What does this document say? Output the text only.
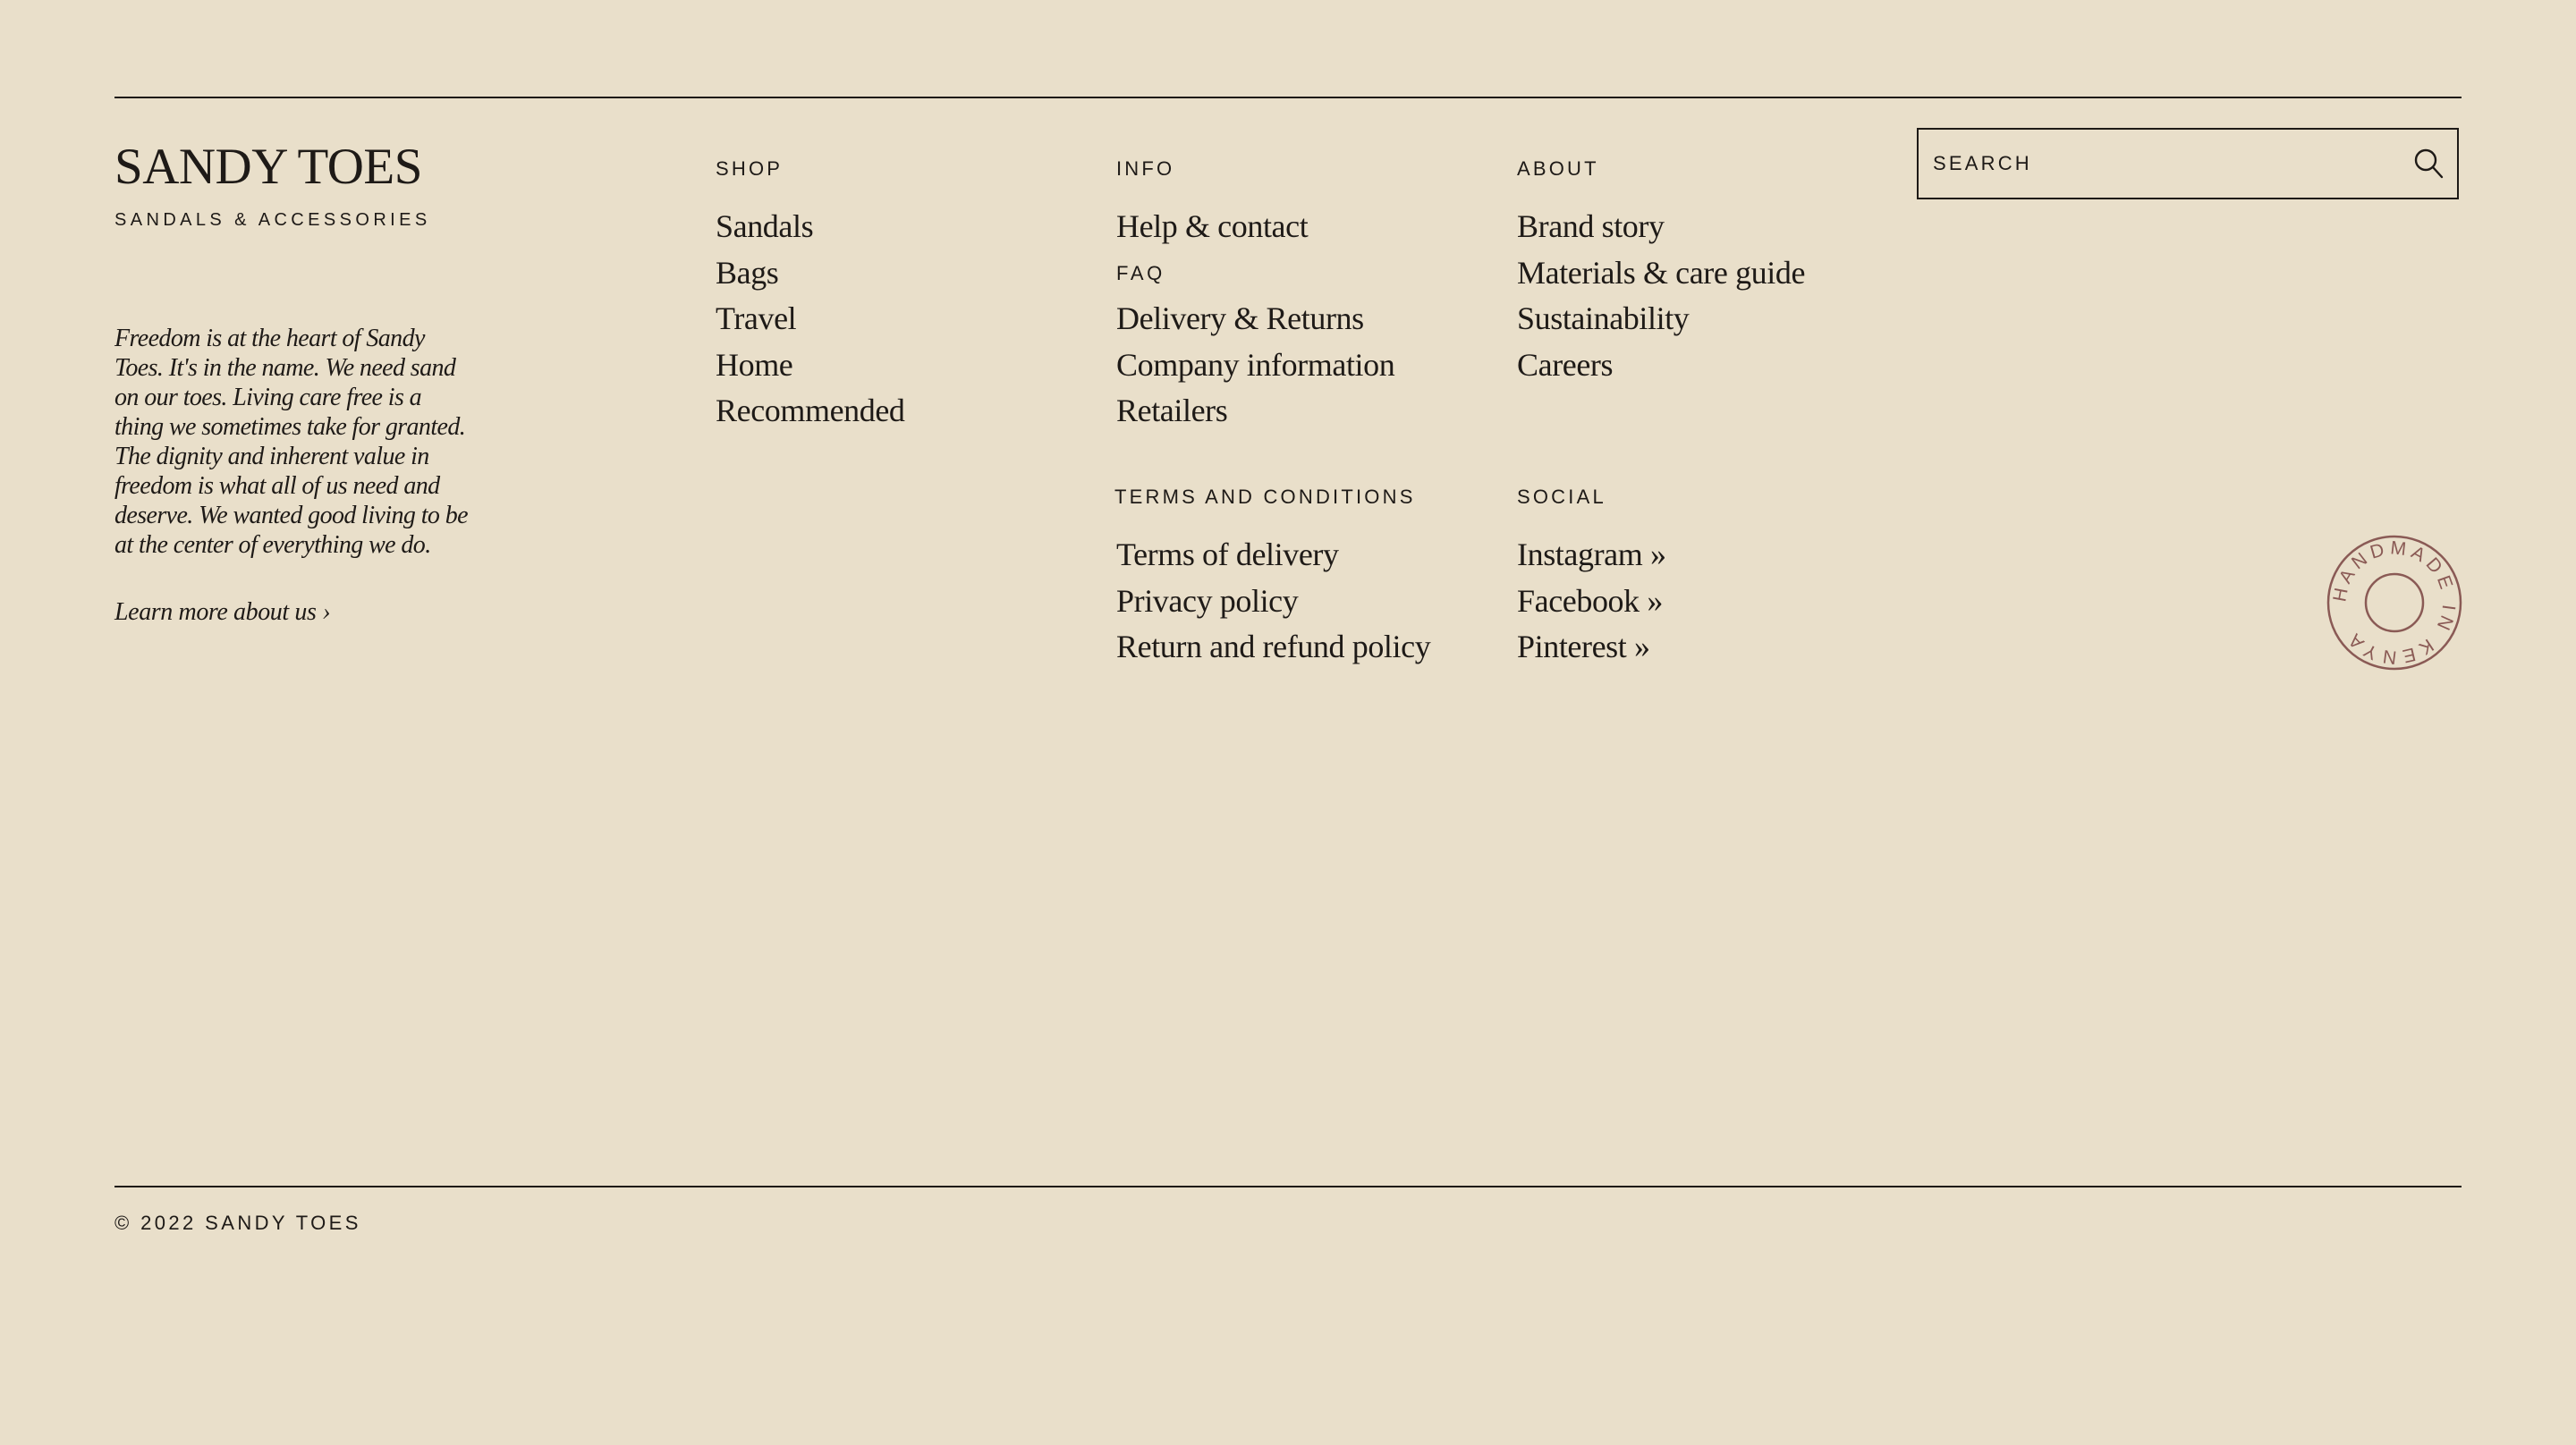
SANDY TOES
SANDALS & ACCESSORIES
Freedom is at the heart of Sandy Toes. It's in the name. We need sand on our toes. Living care free is a thing we sometimes take for granted. The dignity and inherent value in freedom is what all of us need and deserve. We wanted good living to be at the center of everything we do.
Learn more about us ›
SHOP
Sandals
Bags
Travel
Home
Recommended
INFO
Help & contact
FAQ
Delivery & Returns
Company information
Retailers
ABOUT
Brand story
Materials & care guide
Sustainability
Careers
TERMS AND CONDITIONS
Terms of delivery
Privacy policy
Return and refund policy
SOCIAL
Instagram »
Facebook »
Pinterest »
SEARCH
HANDMADE IN KENYA
© 2022 SANDY TOES
